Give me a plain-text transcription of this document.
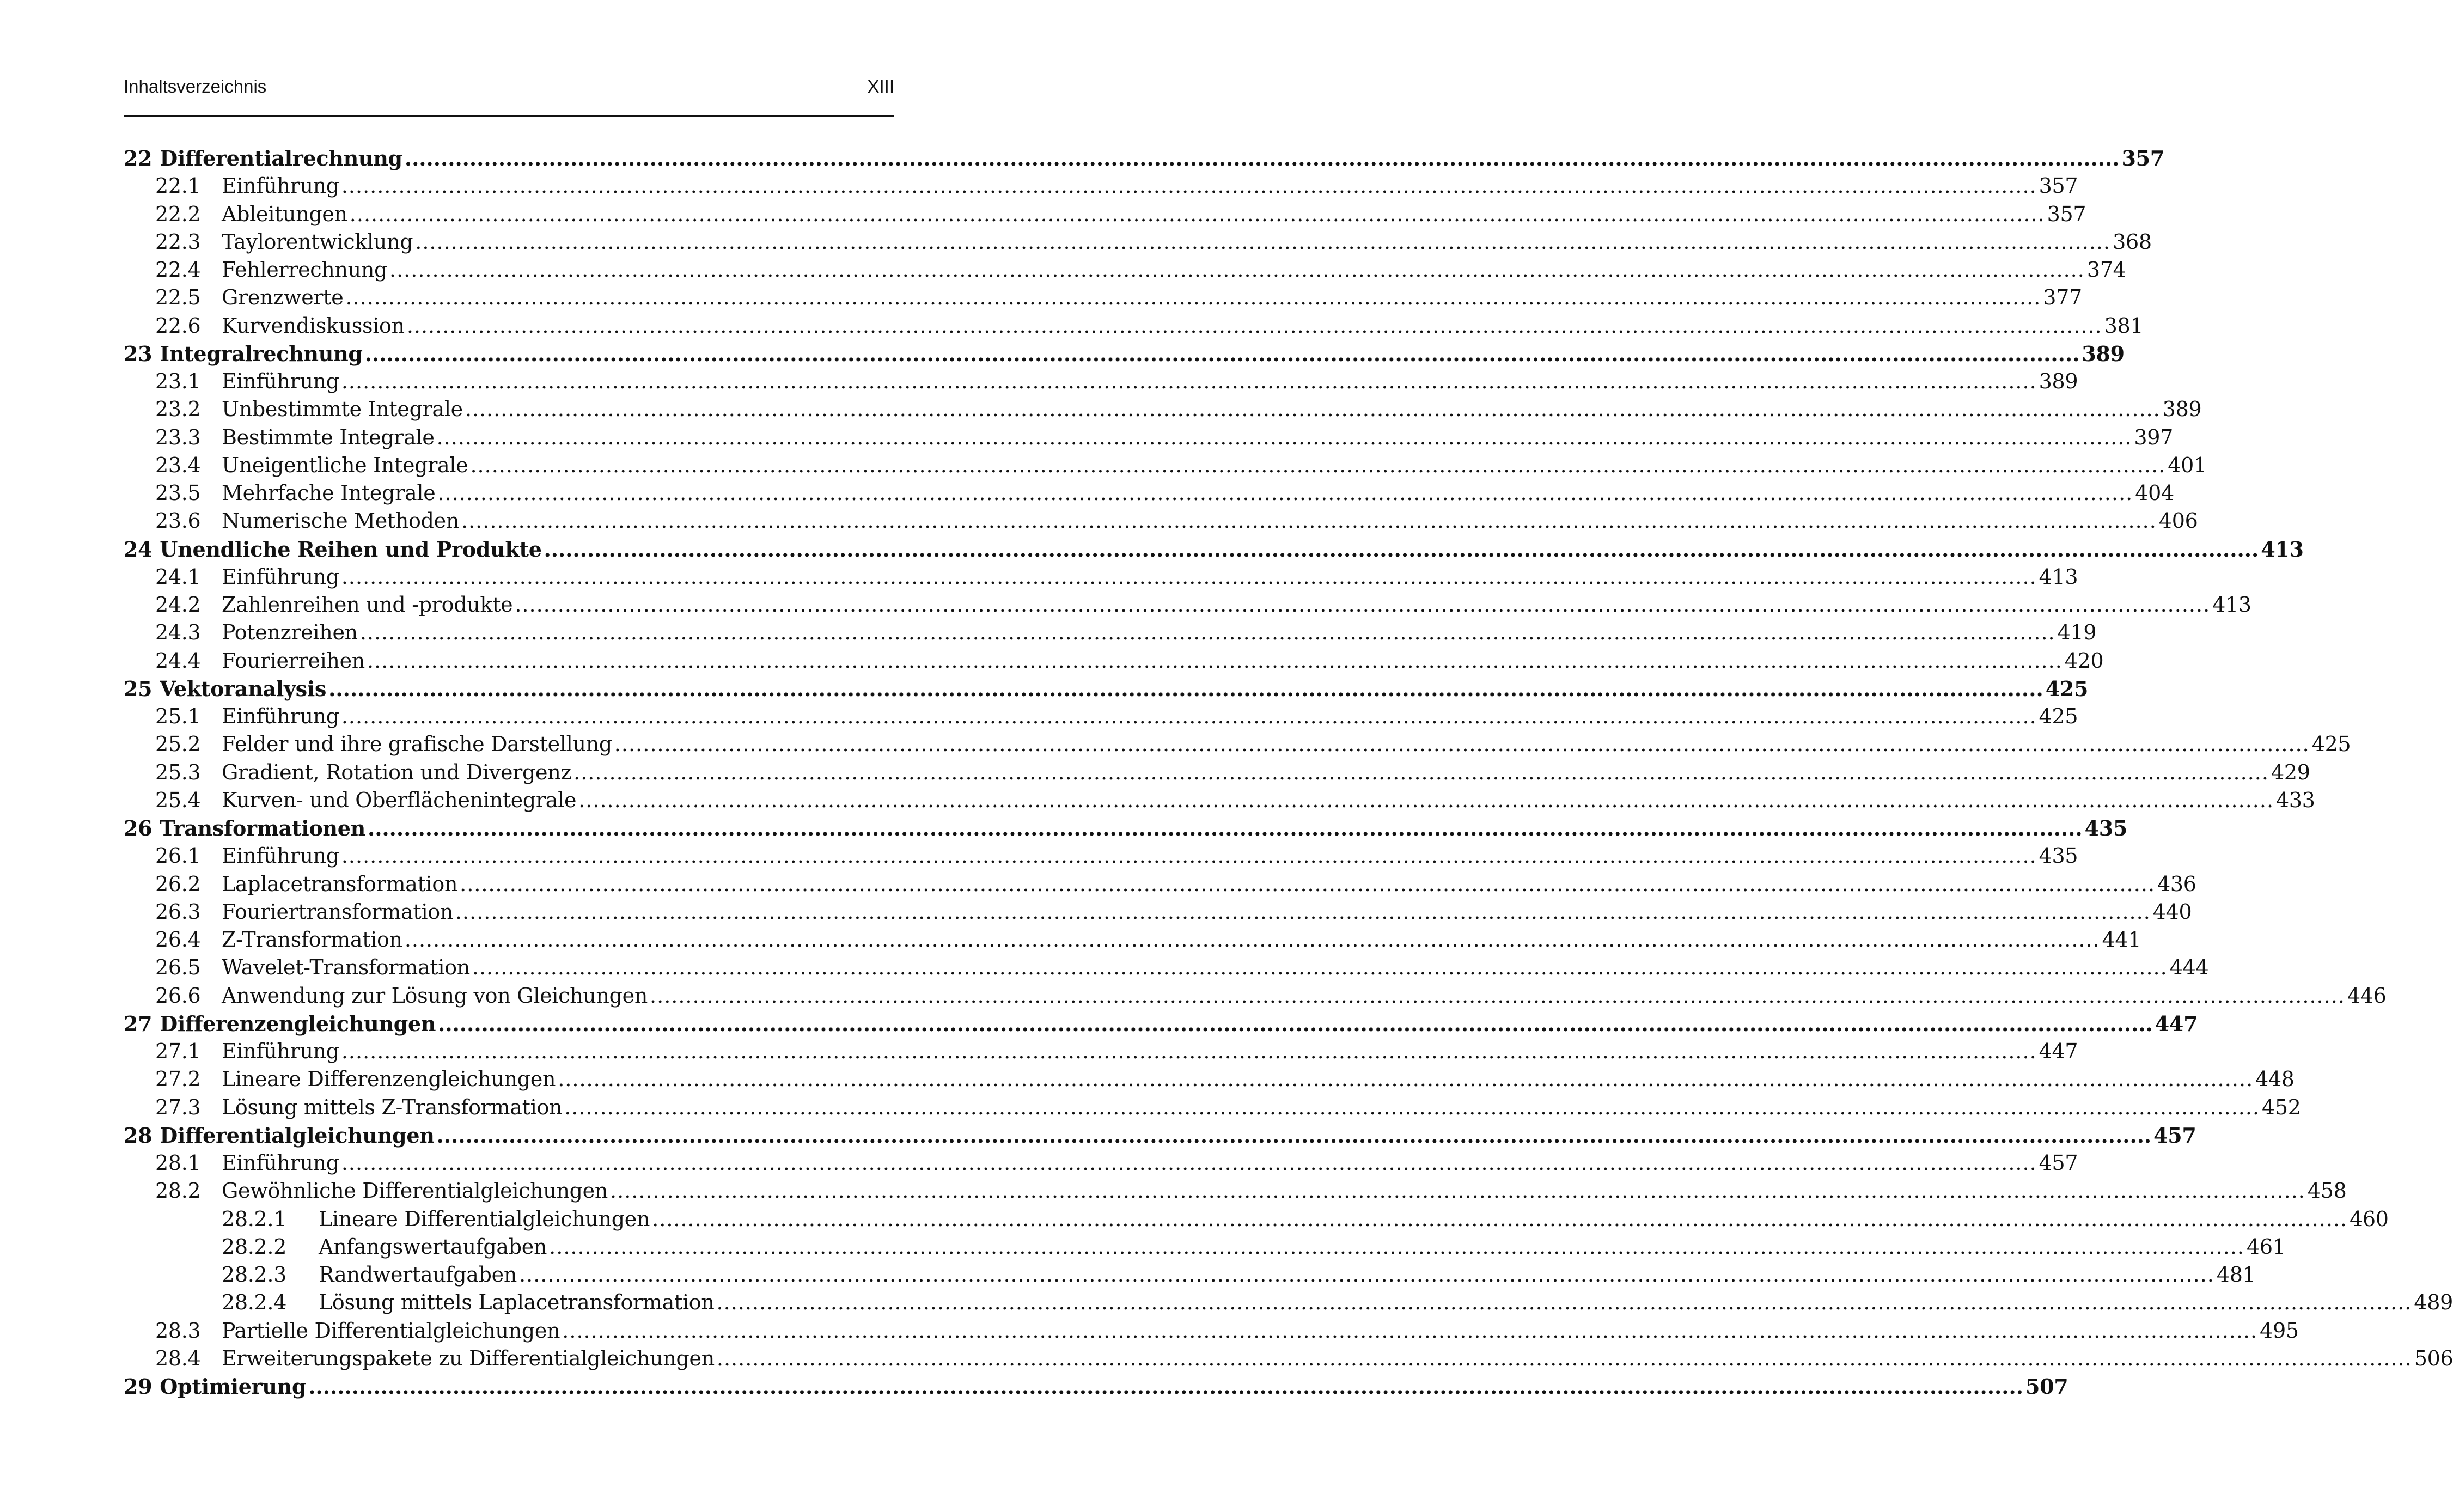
Inhaltsverzeichnis	XIII
22 Differentialrechnung .....	357
22.1	Einführung .....	357
22.2	Ableitungen .....	357
22.3	Taylorentwicklung .....	368
22.4	Fehlerrechnung .....	374
22.5	Grenzwerte .....	377
22.6	Kurvendiskussion .....	381
23 Integralrechnung .....	389
23.1	Einführung .....	389
23.2	Unbestimmte Integrale .....	389
23.3	Bestimmte Integrale .....	397
23.4	Uneigentliche Integrale .....	401
23.5	Mehrfache Integrale .....	404
23.6	Numerische Methoden .....	406
24 Unendliche Reihen und Produkte .....	413
24.1	Einführung .....	413
24.2	Zahlenreihen und -produkte .....	413
24.3	Potenzreihen .....	419
24.4	Fourierreihen .....	420
25 Vektoranalysis .....	425
25.1	Einführung .....	425
25.2	Felder und ihre grafische Darstellung .....	425
25.3	Gradient, Rotation und Divergenz .....	429
25.4	Kurven- und Oberflächenintegrale .....	433
26 Transformationen .....	435
26.1	Einführung .....	435
26.2	Laplacetransformation .....	436
26.3	Fouriertransformation .....	440
26.4	Z-Transformation .....	441
26.5	Wavelet-Transformation .....	444
26.6	Anwendung zur Lösung von Gleichungen .....	446
27 Differenzengleichungen .....	447
27.1	Einführung .....	447
27.2	Lineare Differenzengleichungen .....	448
27.3	Lösung mittels Z-Transformation .....	452
28 Differentialgleichungen .....	457
28.1	Einführung .....	457
28.2	Gewöhnliche Differentialgleichungen .....	458
28.2.1	Lineare Differentialgleichungen .....	460
28.2.2	Anfangswertaufgaben .....	461
28.2.3	Randwertaufgaben .....	481
28.2.4	Lösung mittels Laplacetransformation .....	489
28.3	Partielle Differentialgleichungen .....	495
28.4	Erweiterungspakete zu Differentialgleichungen .....	506
29 Optimierung .....	507
